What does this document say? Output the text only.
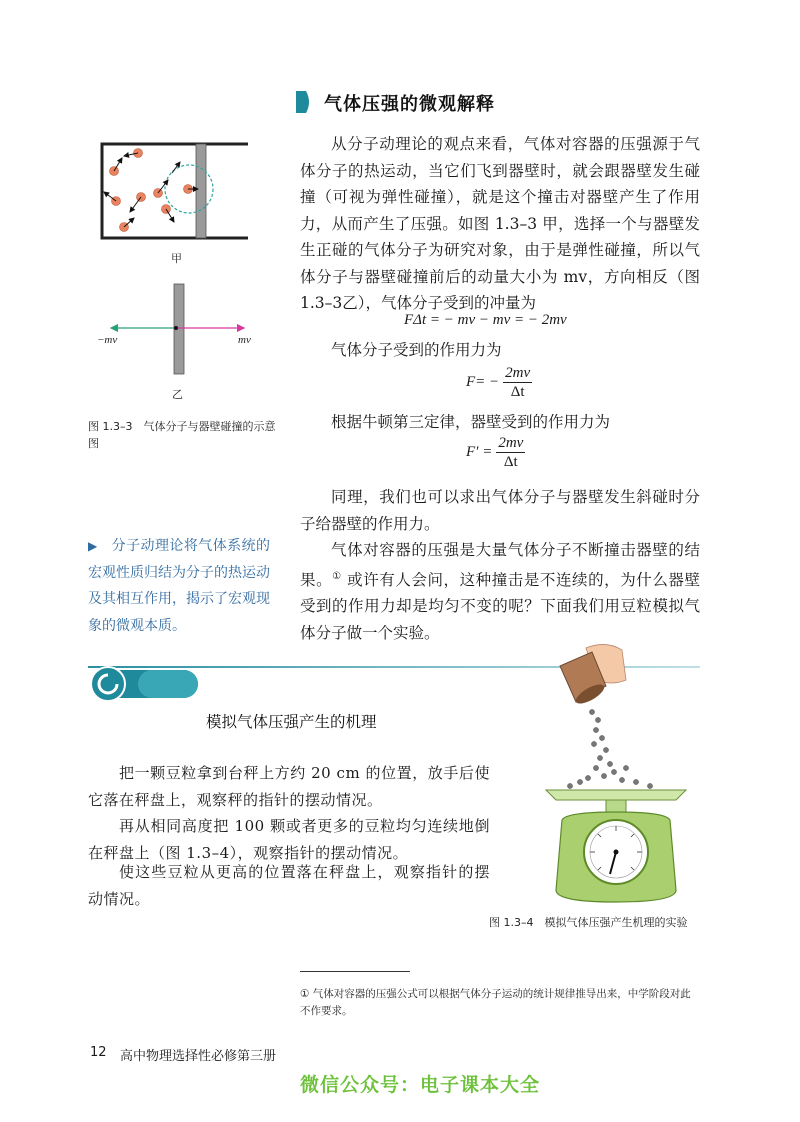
气体压强的微观解释
甲
−mv	mv
乙
图 1.3–3　气体分子与器壁碰撞的示意图
从分子动理论的观点来看，气体对容器的压强源于气体分子的热运动，当它们飞到器壁时，就会跟器壁发生碰撞（可视为弹性碰撞），就是这个撞击对器壁产生了作用力，从而产生了压强。如图 1.3–3 甲，选择一个与器壁发生正碰的气体分子为研究对象，由于是弹性碰撞，所以气体分子与器壁碰撞前后的动量大小为 mv，方向相反（图 1.3–3乙），气体分子受到的冲量为
FΔt = − mv − mv = − 2mv
气体分子受到的作用力为
$F= - \frac{2mv}{\Delta t}$
根据牛顿第三定律，器壁受到的作用力为
$F' = \frac{2mv}{\Delta t}$
同理，我们也可以求出气体分子与器壁发生斜碰时分子给器壁的作用力。
气体对容器的压强是大量气体分子不断撞击器壁的结果。① 或许有人会问，这种撞击是不连续的，为什么器壁受到的作用力却是均匀不变的呢？下面我们用豆粒模拟气体分子做一个实验。
▶ 分子动理论将气体系统的宏观性质归结为分子的热运动及其相互作用，揭示了宏观现象的微观本质。
模拟气体压强产生的机理
把一颗豆粒拿到台秤上方约 20 cm 的位置，放手后使它落在秤盘上，观察秤的指针的摆动情况。
再从相同高度把 100 颗或者更多的豆粒均匀连续地倒在秤盘上（图 1.3–4），观察指针的摆动情况。
使这些豆粒从更高的位置落在秤盘上，观察指针的摆动情况。
图 1.3–4　模拟气体压强产生机理的实验
① 气体对容器的压强公式可以根据气体分子运动的统计规律推导出来，中学阶段对此不作要求。
12 高中物理选择性必修第三册
微信公众号：电子课本大全
